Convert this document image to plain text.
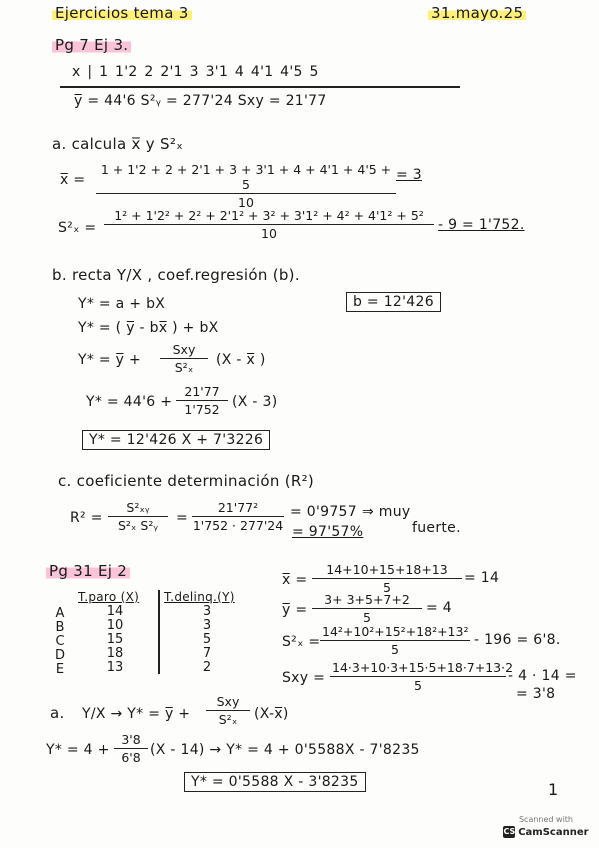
Ejercicios tema 3	31.mayo.25
Pg 7 Ej 3.
x | 1 1'2 2 2'1 3 3'1 4 4'1 4'5 5
y̅ = 44'6 S²ᵧ = 277'24 Sxy = 21'77
a. calcula x̅ y S²ₓ
x̅ = $\frac{1 + 1'2 + 2 + 2'1 + 3 + 3'1 + 4 + 4'1 + 4'5 + 5}{10} = 3$
$S^2_x = \frac{\text{1² + 1'2² + 2² + 2'1² + 3² + 3'1² + 4² + 4'1² + 5²}}{10} - 9 = 1'752$.
b. recta Y/X , coef.regresión (b).
Y* = a + bX	b = 12'426
Y* = ( y̅ - bx̅ ) + bX
Y* = y̅ +
Sxy
S²ₓ	(X - x̅ )
$Y* = 44'6 + \frac{21'77}{1'752} (X - 3)$
Y* = 12'426 X + 7'3226
c. coeficiente determinación (R²)
$R^2 = \frac{\text{S²ₓᵧ}}{\text{S²ₓ S²ᵧ}} = \frac{\text{21'77²}}{1'752 \cdot 277'24} = 0'9757$ ⇒ muy
fuerte.
= 97'57%
Pg 31 Ej 2
T.paro (X) T.delinq.(Y)
A	14	3
B	10	3
C	15	5
D	18	7
E	13	2
x̅ = $\frac{14+10+15+18+13}{5} = 14$
y̅ = $\frac{3+ 3+5+7+2}{5} = 4$
$S^2_x = \frac{\text{14²+10²+15²+18²+13²}}{5} - 196 = 6'8$.
Sxy = $\frac{14\cdot 3+10\cdot 3+15\cdot 5+18\cdot 7+13\cdot 2}{5} - 4 \cdot 14$ =
= 3'8
a. Y/X → Y* = y̅ +
Sxy
S²ₓ	(X-x̅)
$Y* = 4 + \frac{3'8}{6'8} (X - 14) \to Y* = 4 + 0'5588X - 7'8235$
Y* = 0'5588 X - 3'8235	1
Scanned with
CS CamScanner
